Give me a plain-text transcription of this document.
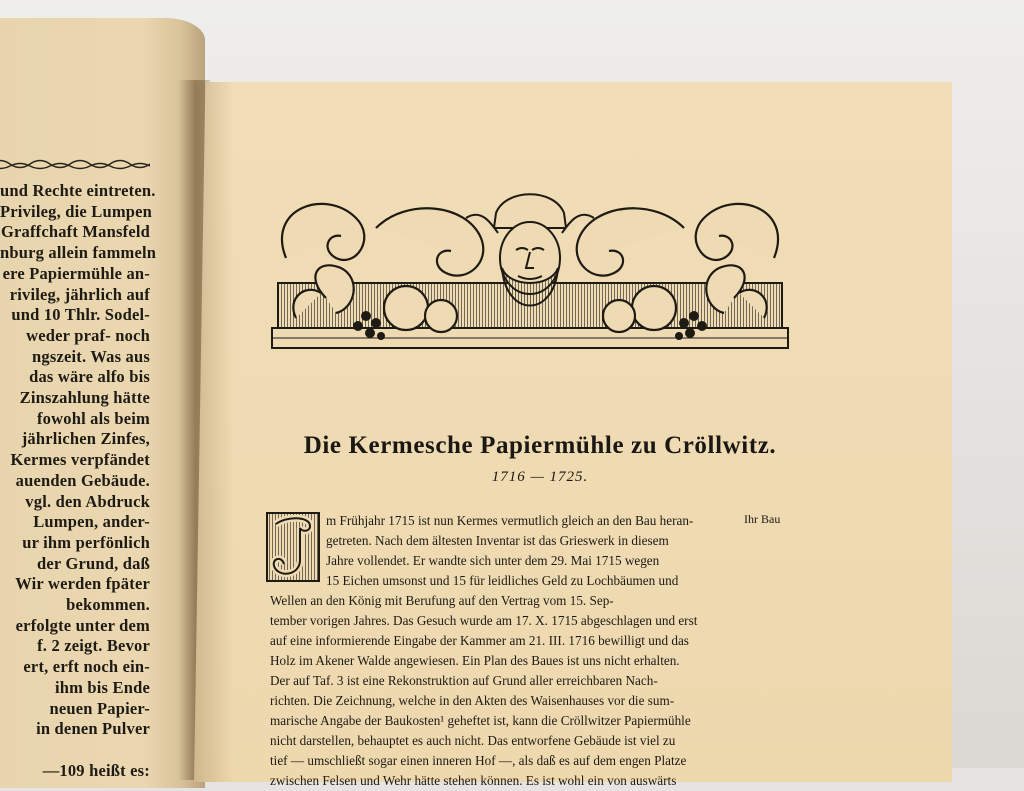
und Rechte eintreten.
Privileg, die Lumpen
Graffchaft Mansfeld
nburg allein fammeln
ere Papiermühle an-
rivileg, jährlich auf
und 10 Thlr. Sodel-
weder praf- noch
ngszeit. Was aus
das wäre alfo bis
Zinszahlung hätte
fowohl als beim
jährlichen Zinfes,
Kermes verpfändet
auenden Gebäude.
vgl. den Abdruck
Lumpen, ander-
ur ihm perfönlich
der Grund, daß
Wir werden fpäter
bekommen.
erfolgte unter dem
f. 2 zeigt. Bevor
ert, erft noch ein-
ihm bis Ende
neuen Papier-
in denen Pulver

—109 heißt es:
Die Kermesche Papiermühle zu Cröllwitz.
1716 — 1725.
m Frühjahr 1715 ist nun Kermes vermutlich gleich an den Bau heran-
getreten. Nach dem ältesten Inventar ist das Grieswerk in diesem
Jahre vollendet. Er wandte sich unter dem 29. Mai 1715 wegen
15 Eichen umsonst und 15 für leidliches Geld zu Lochbäumen und
Wellen an den König mit Berufung auf den Vertrag vom 15. Sep-
tember vorigen Jahres. Das Gesuch wurde am 17. X. 1715 abgeschlagen und erst
auf eine informierende Eingabe der Kammer am 21. III. 1716 bewilligt und das
Holz im Akener Walde angewiesen. Ein Plan des Baues ist uns nicht erhalten.
Der auf Taf. 3 ist eine Rekonstruktion auf Grund aller erreichbaren Nach-
richten. Die Zeichnung, welche in den Akten des Waisenhauses vor die sum-
marische Angabe der Baukosten¹ geheftet ist, kann die Cröllwitzer Papiermühle
nicht darstellen, behauptet es auch nicht. Das entworfene Gebäude ist viel zu
tief — umschließt sogar einen inneren Hof —, als daß es auf dem engen Platze
zwischen Felsen und Wehr hätte stehen können. Es ist wohl ein von auswärts
Ihr Bau
